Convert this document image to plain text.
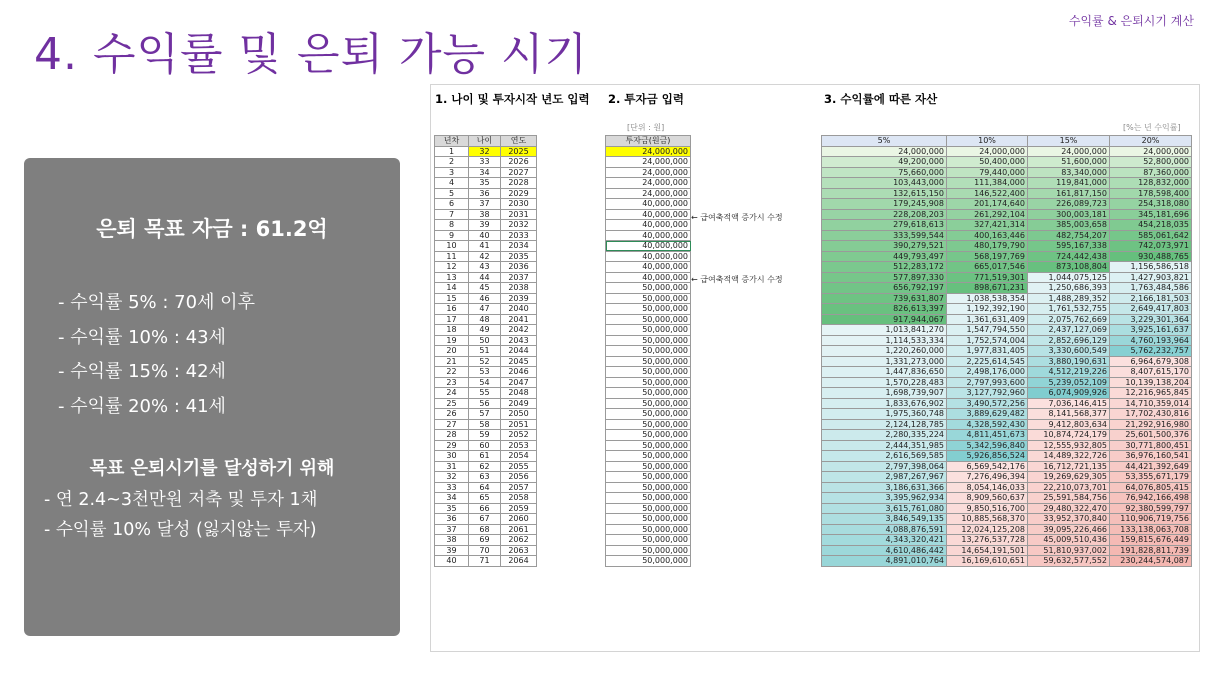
수익률 & 은퇴시기 계산
4. 수익률 및 은퇴 가능 시기
은퇴 목표 자금 : 61.2억
- 수익률 5% : 70세 이후
- 수익률 10% : 43세
- 수익률 15% : 42세
- 수익률 20% : 41세
목표 은퇴시기를 달성하기 위해
- 연 2.4~3천만원 저축 및 투자 1채
- 수익률 10% 달성 (잃지않는 투자)
1. 나이 및 투자시작 년도 입력 2. 투자금 입력	3. 수익률에 따른 자산
[단위 : 원]	[%는 년 수익률]
← 급여축적액 증가시 수정
← 급여축적액 증가시 수정
년차	나이	연도
1	32	2025
2	33	2026
3	34	2027
4	35	2028
5	36	2029
6	37	2030
7	38	2031
8	39	2032
9	40	2033
10	41	2034
11	42	2035
12	43	2036
13	44	2037
14	45	2038
15	46	2039
16	47	2040
17	48	2041
18	49	2042
19	50	2043
20	51	2044
21	52	2045
22	53	2046
23	54	2047
24	55	2048
25	56	2049
26	57	2050
27	58	2051
28	59	2052
29	60	2053
30	61	2054
31	62	2055
32	63	2056
33	64	2057
34	65	2058
35	66	2059
36	67	2060
37	68	2061
38	69	2062
39	70	2063
40	71	2064
투자금(원금)
24,000,000
24,000,000
24,000,000
24,000,000
24,000,000
40,000,000
40,000,000
40,000,000
40,000,000
40,000,000
40,000,000
40,000,000
40,000,000
50,000,000
50,000,000
50,000,000
50,000,000
50,000,000
50,000,000
50,000,000
50,000,000
50,000,000
50,000,000
50,000,000
50,000,000
50,000,000
50,000,000
50,000,000
50,000,000
50,000,000
50,000,000
50,000,000
50,000,000
50,000,000
50,000,000
50,000,000
50,000,000
50,000,000
50,000,000
50,000,000
5%	10%	15%	20%
24,000,000	24,000,000	24,000,000	24,000,000
49,200,000	50,400,000	51,600,000	52,800,000
75,660,000	79,440,000	83,340,000	87,360,000
103,443,000	111,384,000	119,841,000	128,832,000
132,615,150	146,522,400	161,817,150	178,598,400
179,245,908	201,174,640	226,089,723	254,318,080
228,208,203	261,292,104	300,003,181	345,181,696
279,618,613	327,421,314	385,003,658	454,218,035
333,599,544	400,163,446	482,754,207	585,061,642
390,279,521	480,179,790	595,167,338	742,073,971
449,793,497	568,197,769	724,442,438	930,488,765
512,283,172	665,017,546	873,108,804	1,156,586,518
577,897,330	771,519,301	1,044,075,125	1,427,903,821
656,792,197	898,671,231	1,250,686,393	1,763,484,586
739,631,807	1,038,538,354	1,488,289,352	2,166,181,503
826,613,397	1,192,392,190	1,761,532,755	2,649,417,803
917,944,067	1,361,631,409	2,075,762,669	3,229,301,364
1,013,841,270	1,547,794,550	2,437,127,069	3,925,161,637
1,114,533,334	1,752,574,004	2,852,696,129	4,760,193,964
1,220,260,000	1,977,831,405	3,330,600,549	5,762,232,757
1,331,273,000	2,225,614,545	3,880,190,631	6,964,679,308
1,447,836,650	2,498,176,000	4,512,219,226	8,407,615,170
1,570,228,483	2,797,993,600	5,239,052,109	10,139,138,204
1,698,739,907	3,127,792,960	6,074,909,926	12,216,965,845
1,833,676,902	3,490,572,256	7,036,146,415	14,710,359,014
1,975,360,748	3,889,629,482	8,141,568,377	17,702,430,816
2,124,128,785	4,328,592,430	9,412,803,634	21,292,916,980
2,280,335,224	4,811,451,673	10,874,724,179	25,601,500,376
2,444,351,985	5,342,596,840	12,555,932,805	30,771,800,451
2,616,569,585	5,926,856,524	14,489,322,726	36,976,160,541
2,797,398,064	6,569,542,176	16,712,721,135	44,421,392,649
2,987,267,967	7,276,496,394	19,269,629,305	53,355,671,179
3,186,631,366	8,054,146,033	22,210,073,701	64,076,805,415
3,395,962,934	8,909,560,637	25,591,584,756	76,942,166,498
3,615,761,080	9,850,516,700	29,480,322,470	92,380,599,797
3,846,549,135	10,885,568,370	33,952,370,840	110,906,719,756
4,088,876,591	12,024,125,208	39,095,226,466	133,138,063,708
4,343,320,421	13,276,537,728	45,009,510,436	159,815,676,449
4,610,486,442	14,654,191,501	51,810,937,002	191,828,811,739
4,891,010,764	16,169,610,651	59,632,577,552	230,244,574,087
